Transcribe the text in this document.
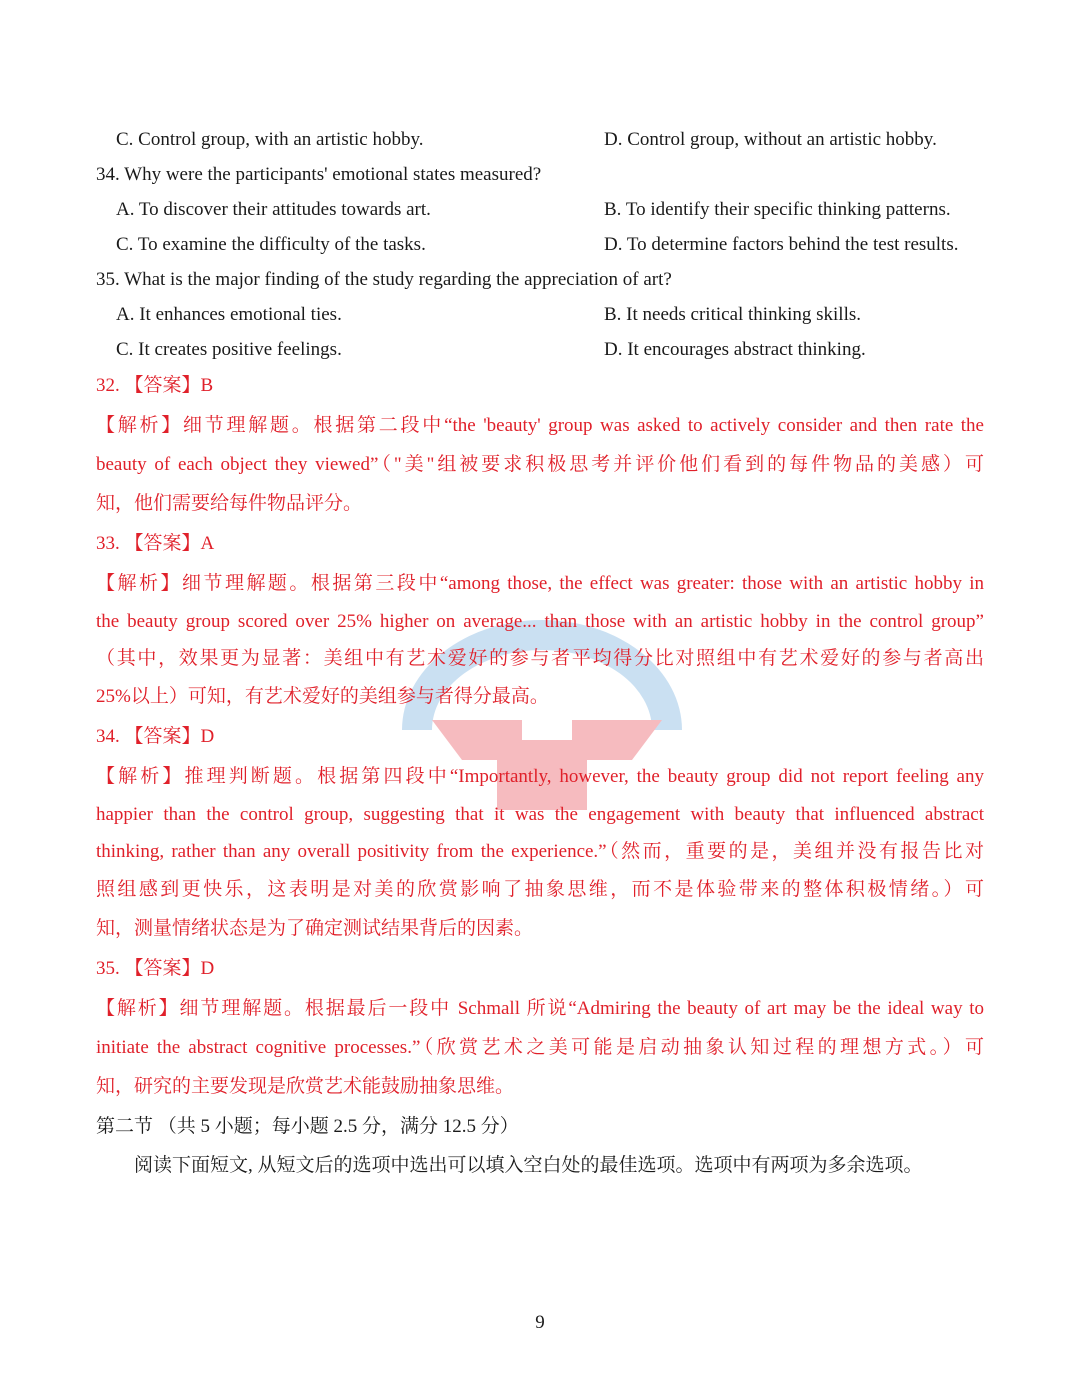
C. Control group, with an artistic hobby.	D. Control group, without an artistic hobby.
34. Why were the participants' emotional states measured?
A. To discover their attitudes towards art.	B. To identify their specific thinking patterns.
C. To examine the difficulty of the tasks.	D. To determine factors behind the test results.
35. What is the major finding of the study regarding the appreciation of art?
A. It enhances emotional ties.	B. It needs critical thinking skills.
C. It creates positive feelings.	D. It encourages abstract thinking.
32. 【答案】B
【解析】细节理解题。根据第二段中“the 'beauty' group was asked to actively consider and then rate the
beauty of each object they viewed”（"美"组被要求积极思考并评价他们看到的每件物品的美感）可
知，他们需要给每件物品评分。
33. 【答案】A
【解析】细节理解题。根据第三段中“among those, the effect was greater: those with an artistic hobby in
the beauty group scored over 25% higher on average... than those with an artistic hobby in the control group”
（其中，效果更为显著：美组中有艺术爱好的参与者平均得分比对照组中有艺术爱好的参与者高出
25%以上）可知，有艺术爱好的美组参与者得分最高。
34. 【答案】D
【解析】推理判断题。根据第四段中“Importantly, however, the beauty group did not report feeling any
happier than the control group, suggesting that it was the engagement with beauty that influenced abstract
thinking, rather than any overall positivity from the experience.”（然而，重要的是，美组并没有报告比对
照组感到更快乐，这表明是对美的欣赏影响了抽象思维，而不是体验带来的整体积极情绪。）可
知，测量情绪状态是为了确定测试结果背后的因素。
35. 【答案】D
【解析】细节理解题。根据最后一段中 Schmall 所说“Admiring the beauty of art may be the ideal way to
initiate the abstract cognitive processes.”（欣赏艺术之美可能是启动抽象认知过程的理想方式。）可
知，研究的主要发现是欣赏艺术能鼓励抽象思维。
第二节 （共 5 小题；每小题 2.5 分，满分 12.5 分）
阅读下面短文, 从短文后的选项中选出可以填入空白处的最佳选项。选项中有两项为多余选项。
9
